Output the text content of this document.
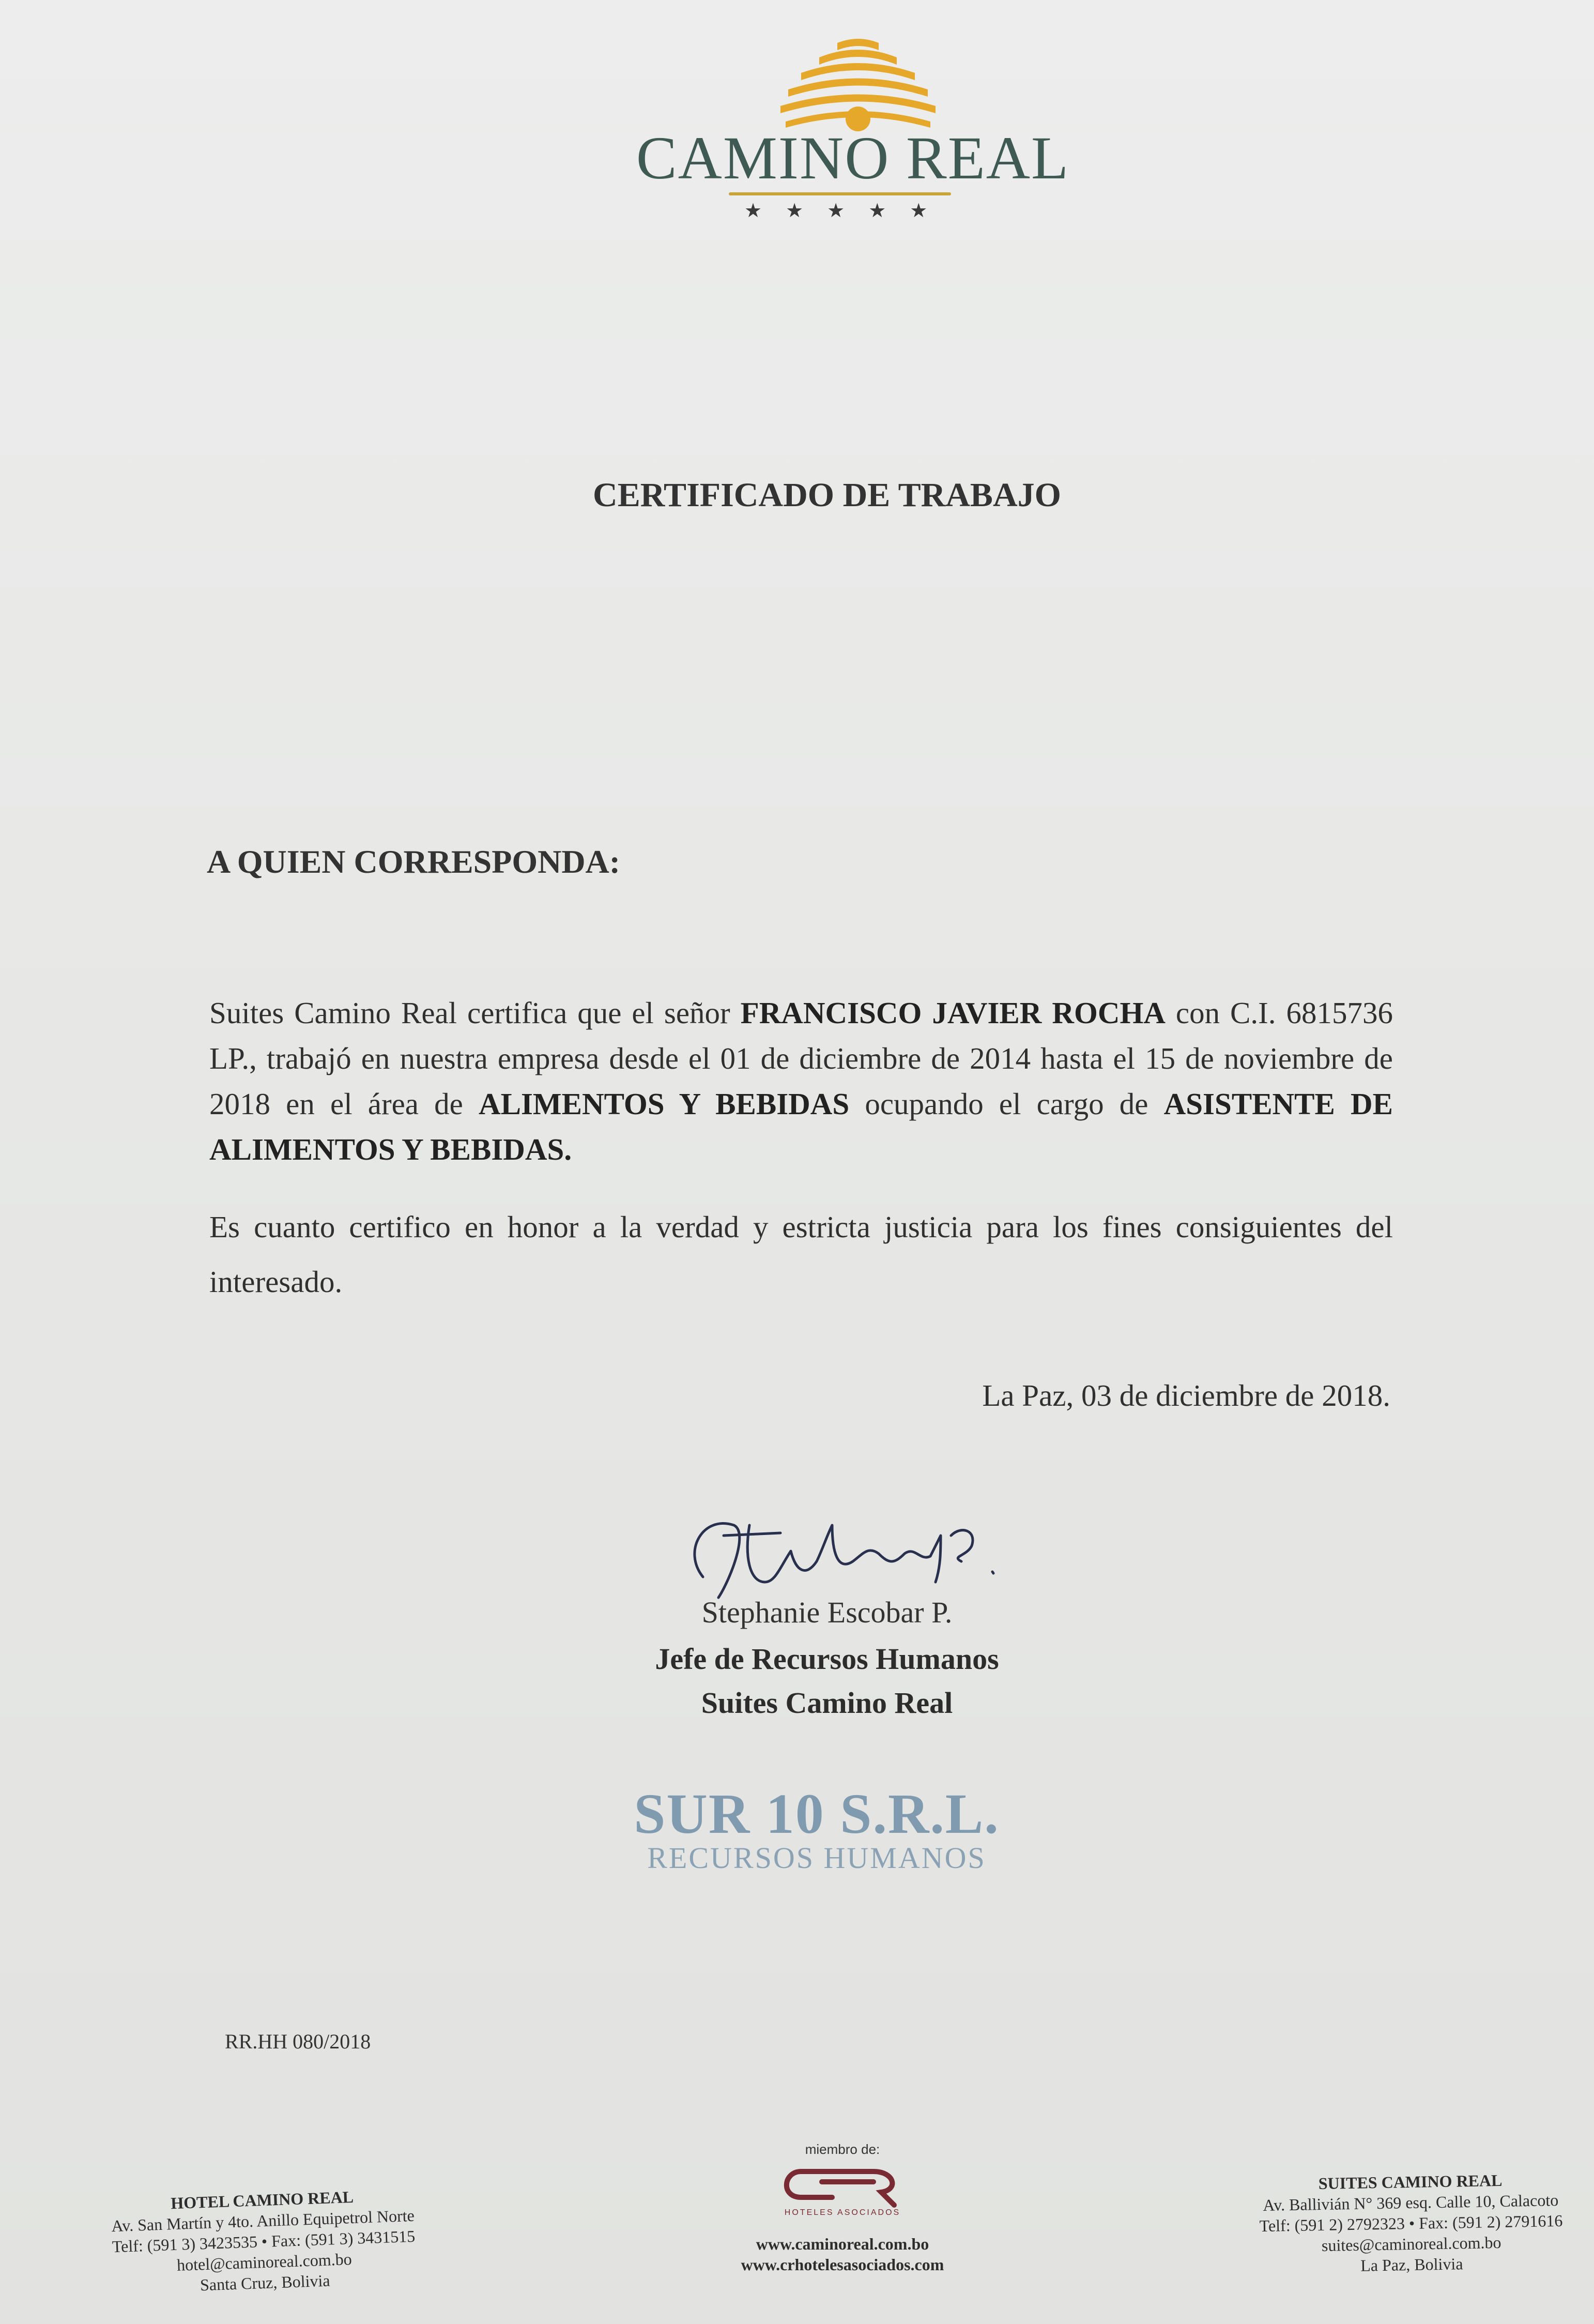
CAMINO REAL
★★★★★
CERTIFICADO DE TRABAJO
A QUIEN CORRESPONDA:
Suites Camino Real certifica que el señor FRANCISCO JAVIER ROCHA con C.I. 6815736 LP., trabajó en nuestra empresa desde el 01 de diciembre de 2014 hasta el 15 de noviembre de 2018 en el área de ALIMENTOS Y BEBIDAS ocupando el cargo de ASISTENTE DE ALIMENTOS Y BEBIDAS.
Es cuanto certifico en honor a la verdad y estricta justicia para los fines consiguientes del interesado.
La Paz, 03 de diciembre de 2018.
Stephanie Escobar P.
Jefe de Recursos Humanos
Suites Camino Real
SUR 10 S.R.L.
RECURSOS HUMANOS
RR.HH 080/2018
HOTEL CAMINO REAL
Av. San Martín y 4to. Anillo Equipetrol Norte
Telf: (591 3) 3423535 • Fax: (591 3) 3431515
hotel@caminoreal.com.bo
Santa Cruz, Bolivia
miembro de:
HOTELES ASOCIADOS
www.caminoreal.com.bo
www.crhotelesasociados.com
SUITES CAMINO REAL
Av. Ballivián N° 369 esq. Calle 10, Calacoto
Telf: (591 2) 2792323 • Fax: (591 2) 2791616
suites@caminoreal.com.bo
La Paz, Bolivia
